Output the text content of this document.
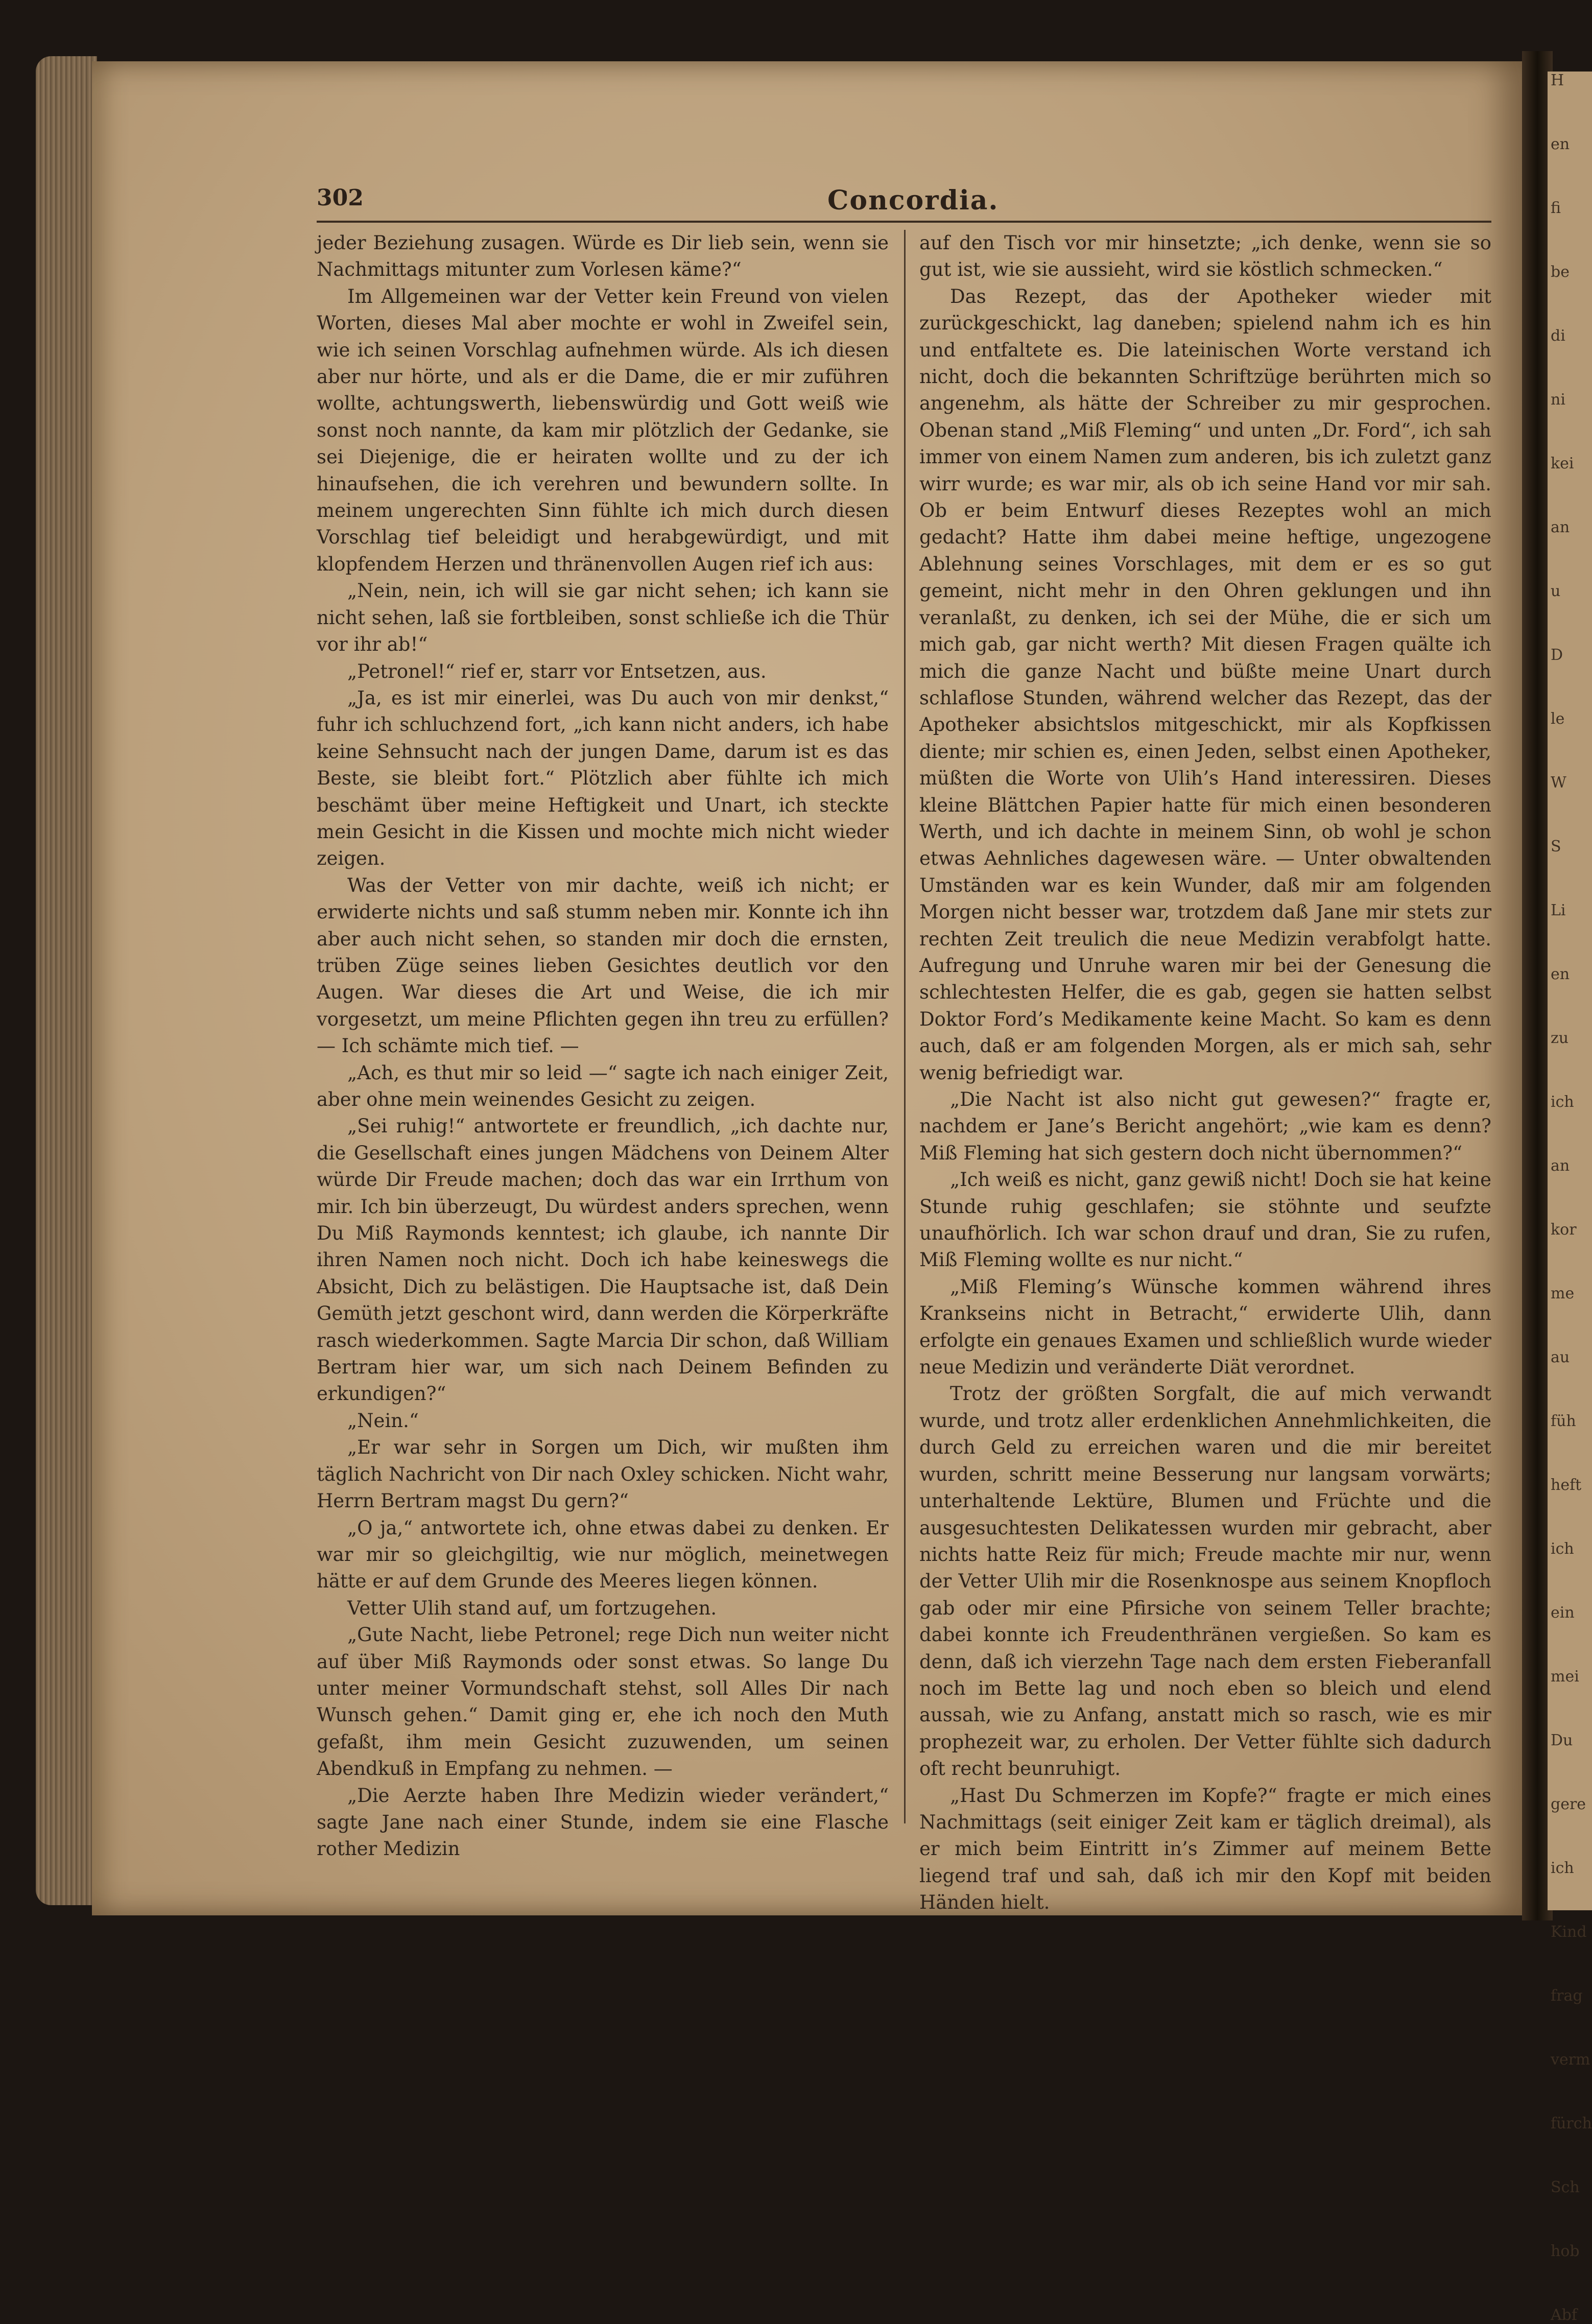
H
en
fi
be
di
ni
kei
an
u
D
le
W
S
Li
en
zu
ich
an
kor
me
au
füh
heft
ich
ein
mei
Du
gere
ich
Kind
frag
verm
fürch
Sch
hob
Abf
302	Concordia.

jeder Beziehung zusagen. Würde es Dir lieb sein, wenn sie Nachmittags mitunter zum Vorlesen käme?“

Im Allgemeinen war der Vetter kein Freund von vielen Worten, dieses Mal aber mochte er wohl in Zweifel sein, wie ich seinen Vorschlag aufnehmen würde. Als ich diesen aber nur hörte, und als er die Dame, die er mir zuführen wollte, achtungswerth, liebenswürdig und Gott weiß wie sonst noch nannte, da kam mir plötzlich der Gedanke, sie sei Diejenige, die er heiraten wollte und zu der ich hinaufsehen, die ich verehren und bewundern sollte. In meinem ungerechten Sinn fühlte ich mich durch diesen Vorschlag tief beleidigt und herabgewürdigt, und mit klopfendem Herzen und thränenvollen Augen rief ich aus:

„Nein, nein, ich will sie gar nicht sehen; ich kann sie nicht sehen, laß sie fortbleiben, sonst schließe ich die Thür vor ihr ab!“

„Petronel!“ rief er, starr vor Entsetzen, aus.

„Ja, es ist mir einerlei, was Du auch von mir denkst,“ fuhr ich schluchzend fort, „ich kann nicht anders, ich habe keine Sehnsucht nach der jungen Dame, darum ist es das Beste, sie bleibt fort.“ Plötzlich aber fühlte ich mich beschämt über meine Heftigkeit und Unart, ich steckte mein Gesicht in die Kissen und mochte mich nicht wieder zeigen.

Was der Vetter von mir dachte, weiß ich nicht; er erwiderte nichts und saß stumm neben mir. Konnte ich ihn aber auch nicht sehen, so standen mir doch die ernsten, trüben Züge seines lieben Gesichtes deutlich vor den Augen. War dieses die Art und Weise, die ich mir vorgesetzt, um meine Pflichten gegen ihn treu zu erfüllen? — Ich schämte mich tief. —

„Ach, es thut mir so leid —“ sagte ich nach einiger Zeit, aber ohne mein weinendes Gesicht zu zeigen.

„Sei ruhig!“ antwortete er freundlich, „ich dachte nur, die Gesellschaft eines jungen Mädchens von Deinem Alter würde Dir Freude machen; doch das war ein Irrthum von mir. Ich bin überzeugt, Du würdest anders sprechen, wenn Du Miß Raymonds kenntest; ich glaube, ich nannte Dir ihren Namen noch nicht. Doch ich habe keineswegs die Absicht, Dich zu belästigen. Die Hauptsache ist, daß Dein Gemüth jetzt geschont wird, dann werden die Körperkräfte rasch wiederkommen. Sagte Marcia Dir schon, daß William Bertram hier war, um sich nach Deinem Befinden zu erkundigen?“

„Nein.“

„Er war sehr in Sorgen um Dich, wir mußten ihm täglich Nachricht von Dir nach Oxley schicken. Nicht wahr, Herrn Bertram magst Du gern?“

„O ja,“ antwortete ich, ohne etwas dabei zu denken. Er war mir so gleichgiltig, wie nur möglich, meinetwegen hätte er auf dem Grunde des Meeres liegen können.

Vetter Ulih stand auf, um fortzugehen.

„Gute Nacht, liebe Petronel; rege Dich nun weiter nicht auf über Miß Raymonds oder sonst etwas. So lange Du unter meiner Vormundschaft stehst, soll Alles Dir nach Wunsch gehen.“ Damit ging er, ehe ich noch den Muth gefaßt, ihm mein Gesicht zuzuwenden, um seinen Abendkuß in Empfang zu nehmen. —

„Die Aerzte haben Ihre Medizin wieder verändert,“ sagte Jane nach einer Stunde, indem sie eine Flasche rother Medizin

auf den Tisch vor mir hinsetzte; „ich denke, wenn sie so gut ist, wie sie aussieht, wird sie köstlich schmecken.“

Das Rezept, das der Apotheker wieder mit zurückgeschickt, lag daneben; spielend nahm ich es hin und entfaltete es. Die lateinischen Worte verstand ich nicht, doch die bekannten Schriftzüge berührten mich so angenehm, als hätte der Schreiber zu mir gesprochen. Obenan stand „Miß Fleming“ und unten „Dr. Ford“, ich sah immer von einem Namen zum anderen, bis ich zuletzt ganz wirr wurde; es war mir, als ob ich seine Hand vor mir sah. Ob er beim Entwurf dieses Rezeptes wohl an mich gedacht? Hatte ihm dabei meine heftige, ungezogene Ablehnung seines Vorschlages, mit dem er es so gut gemeint, nicht mehr in den Ohren geklungen und ihn veranlaßt, zu denken, ich sei der Mühe, die er sich um mich gab, gar nicht werth? Mit diesen Fragen quälte ich mich die ganze Nacht und büßte meine Unart durch schlaflose Stunden, während welcher das Rezept, das der Apotheker absichtslos mitgeschickt, mir als Kopfkissen diente; mir schien es, einen Jeden, selbst einen Apotheker, müßten die Worte von Ulih’s Hand interessiren. Dieses kleine Blättchen Papier hatte für mich einen besonderen Werth, und ich dachte in meinem Sinn, ob wohl je schon etwas Aehnliches dagewesen wäre. — Unter obwaltenden Umständen war es kein Wunder, daß mir am folgenden Morgen nicht besser war, trotzdem daß Jane mir stets zur rechten Zeit treulich die neue Medizin verabfolgt hatte. Aufregung und Unruhe waren mir bei der Genesung die schlechtesten Helfer, die es gab, gegen sie hatten selbst Doktor Ford’s Medikamente keine Macht. So kam es denn auch, daß er am folgenden Morgen, als er mich sah, sehr wenig befriedigt war.

„Die Nacht ist also nicht gut gewesen?“ fragte er, nachdem er Jane’s Bericht angehört; „wie kam es denn? Miß Fleming hat sich gestern doch nicht übernommen?“

„Ich weiß es nicht, ganz gewiß nicht! Doch sie hat keine Stunde ruhig geschlafen; sie stöhnte und seufzte unaufhörlich. Ich war schon drauf und dran, Sie zu rufen, Miß Fleming wollte es nur nicht.“

„Miß Fleming’s Wünsche kommen während ihres Krankseins nicht in Betracht,“ erwiderte Ulih, dann erfolgte ein genaues Examen und schließlich wurde wieder neue Medizin und veränderte Diät verordnet.

Trotz der größten Sorgfalt, die auf mich verwandt wurde, und trotz aller erdenklichen Annehmlichkeiten, die durch Geld zu erreichen waren und die mir bereitet wurden, schritt meine Besserung nur langsam vorwärts; unterhaltende Lektüre, Blumen und Früchte und die ausgesuchtesten Delikatessen wurden mir gebracht, aber nichts hatte Reiz für mich; Freude machte mir nur, wenn der Vetter Ulih mir die Rosenknospe aus seinem Knopfloch gab oder mir eine Pfirsiche von seinem Teller brachte; dabei konnte ich Freudenthränen vergießen. So kam es denn, daß ich vierzehn Tage nach dem ersten Fieberanfall noch im Bette lag und noch eben so bleich und elend aussah, wie zu Anfang, anstatt mich so rasch, wie es mir prophezeit war, zu erholen. Der Vetter fühlte sich dadurch oft recht beunruhigt.

„Hast Du Schmerzen im Kopfe?“ fragte er mich eines Nachmittags (seit einiger Zeit kam er täglich dreimal), als er mich beim Eintritt in’s Zimmer auf meinem Bette liegend traf und sah, daß ich mir den Kopf mit beiden Händen hielt.
